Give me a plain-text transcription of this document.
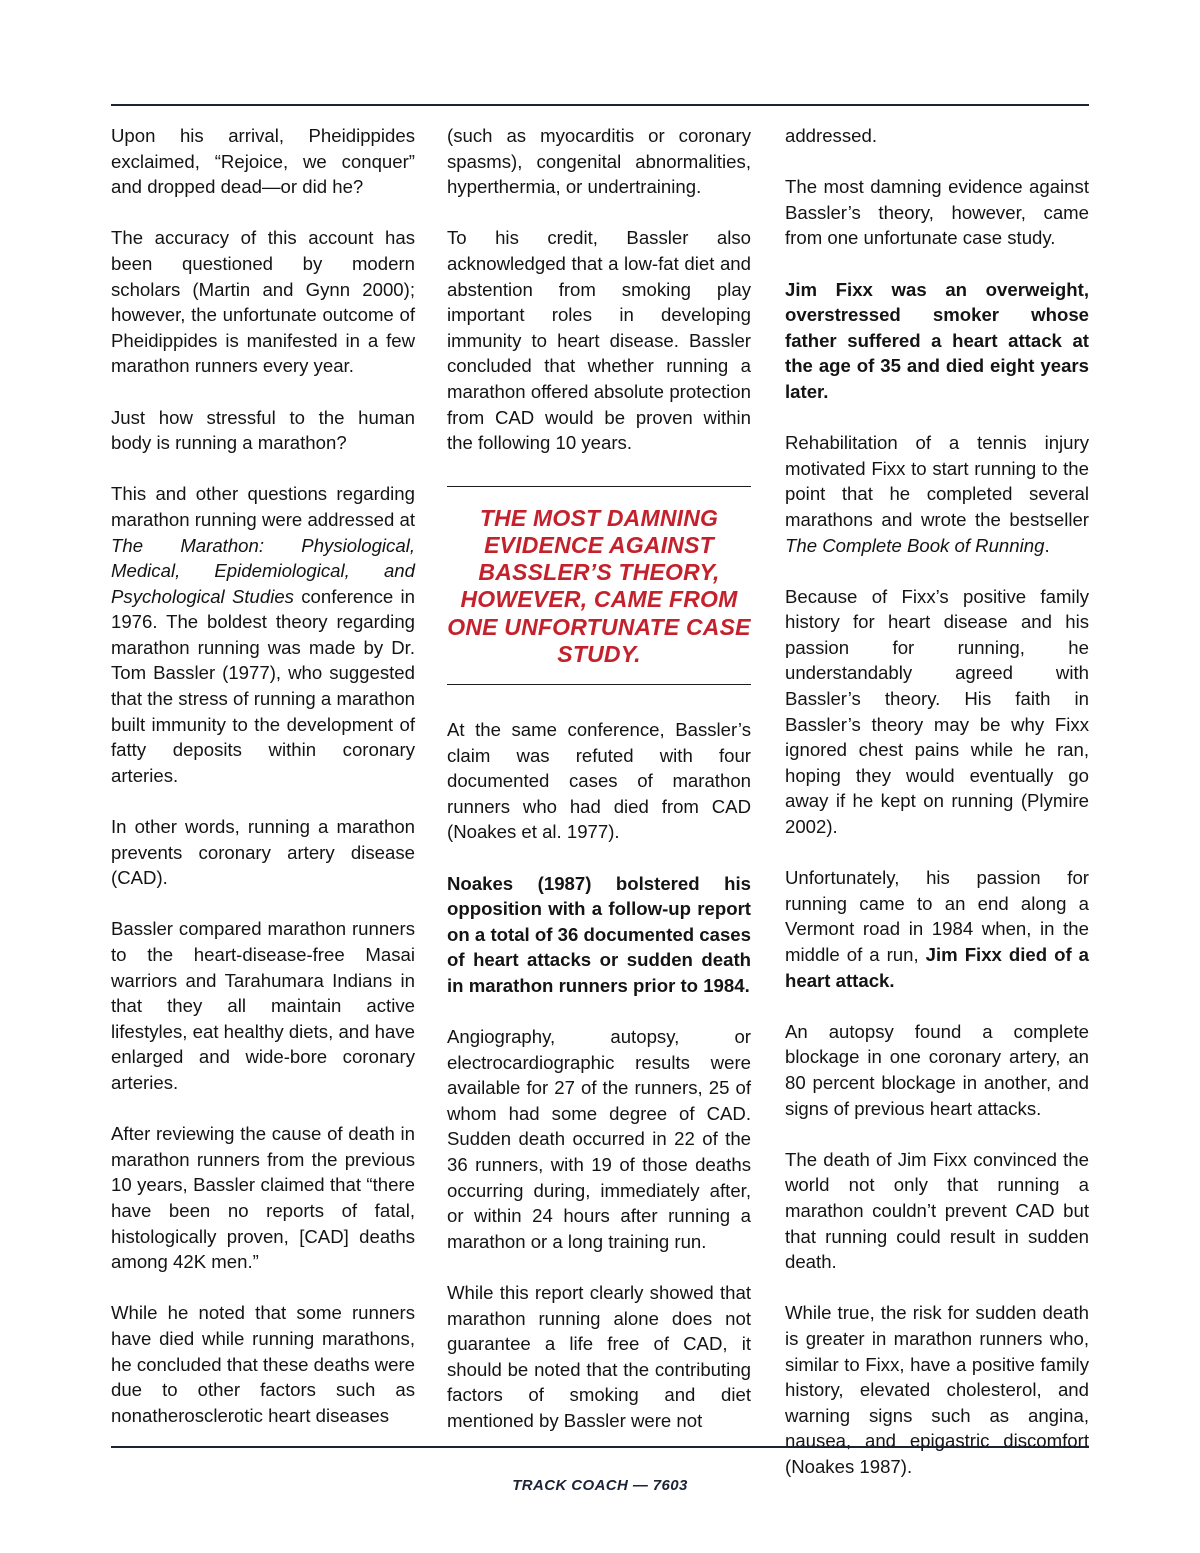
Upon his arrival, Pheidippides exclaimed, “Rejoice, we conquer” and dropped dead—or did he?

The accuracy of this account has been questioned by modern scholars (Martin and Gynn 2000); however, the unfortunate outcome of Pheidippides is manifested in a few marathon runners every year.

Just how stressful to the human body is running a marathon?

This and other questions regarding marathon running were addressed at The Marathon: Physiological, Medical, Epidemiological, and Psychological Studies conference in 1976. The boldest theory regarding marathon running was made by Dr. Tom Bassler (1977), who suggested that the stress of running a marathon built immunity to the development of fatty deposits within coronary arteries.

In other words, running a marathon prevents coronary artery disease (CAD).

Bassler compared marathon runners to the heart-disease-free Masai warriors and Tarahumara Indians in that they all maintain active lifestyles, eat healthy diets, and have enlarged and wide-bore coronary arteries.

After reviewing the cause of death in marathon runners from the previous 10 years, Bassler claimed that “there have been no reports of fatal, histologically proven, [CAD] deaths among 42K men.”

While he noted that some runners have died while running marathons, he concluded that these deaths were due to other factors such as nonatherosclerotic heart diseases

(such as myocarditis or coronary spasms), congenital abnormalities, hyperthermia, or undertraining.

To his credit, Bassler also acknowledged that a low-fat diet and abstention from smoking play important roles in developing immunity to heart disease. Bassler concluded that whether running a marathon offered absolute protection from CAD would be proven within the following 10 years.

THE MOST DAMNING EVIDENCE AGAINST BASSLER’S THEORY, HOWEVER, CAME FROM ONE UNFORTUNATE CASE STUDY.

At the same conference, Bassler’s claim was refuted with four documented cases of marathon runners who had died from CAD (Noakes et al. 1977).

Noakes (1987) bolstered his opposition with a follow-up report on a total of 36 documented cases of heart attacks or sudden death in marathon runners prior to 1984.

Angiography, autopsy, or electrocardiographic results were available for 27 of the runners, 25 of whom had some degree of CAD. Sudden death occurred in 22 of the 36 runners, with 19 of those deaths occurring during, immediately after, or within 24 hours after running a marathon or a long training run.

While this report clearly showed that marathon running alone does not guarantee a life free of CAD, it should be noted that the contributing factors of smoking and diet mentioned by Bassler were not

addressed.

The most damning evidence against Bassler’s theory, however, came from one unfortunate case study.

Jim Fixx was an overweight, overstressed smoker whose father suffered a heart attack at the age of 35 and died eight years later.

Rehabilitation of a tennis injury motivated Fixx to start running to the point that he completed several marathons and wrote the bestseller The Complete Book of Running.

Because of Fixx’s positive family history for heart disease and his passion for running, he understandably agreed with Bassler’s theory. His faith in Bassler’s theory may be why Fixx ignored chest pains while he ran, hoping they would eventually go away if he kept on running (Plymire 2002).

Unfortunately, his passion for running came to an end along a Vermont road in 1984 when, in the middle of a run, Jim Fixx died of a heart attack.

An autopsy found a complete blockage in one coronary artery, an 80 percent blockage in another, and signs of previous heart attacks.

The death of Jim Fixx convinced the world not only that running a marathon couldn’t prevent CAD but that running could result in sudden death.

While true, the risk for sudden death is greater in marathon runners who, similar to Fixx, have a positive family history, elevated cholesterol, and warning signs such as angina, nausea, and epigastric discomfort (Noakes 1987).

TRACK COACH — 7603
